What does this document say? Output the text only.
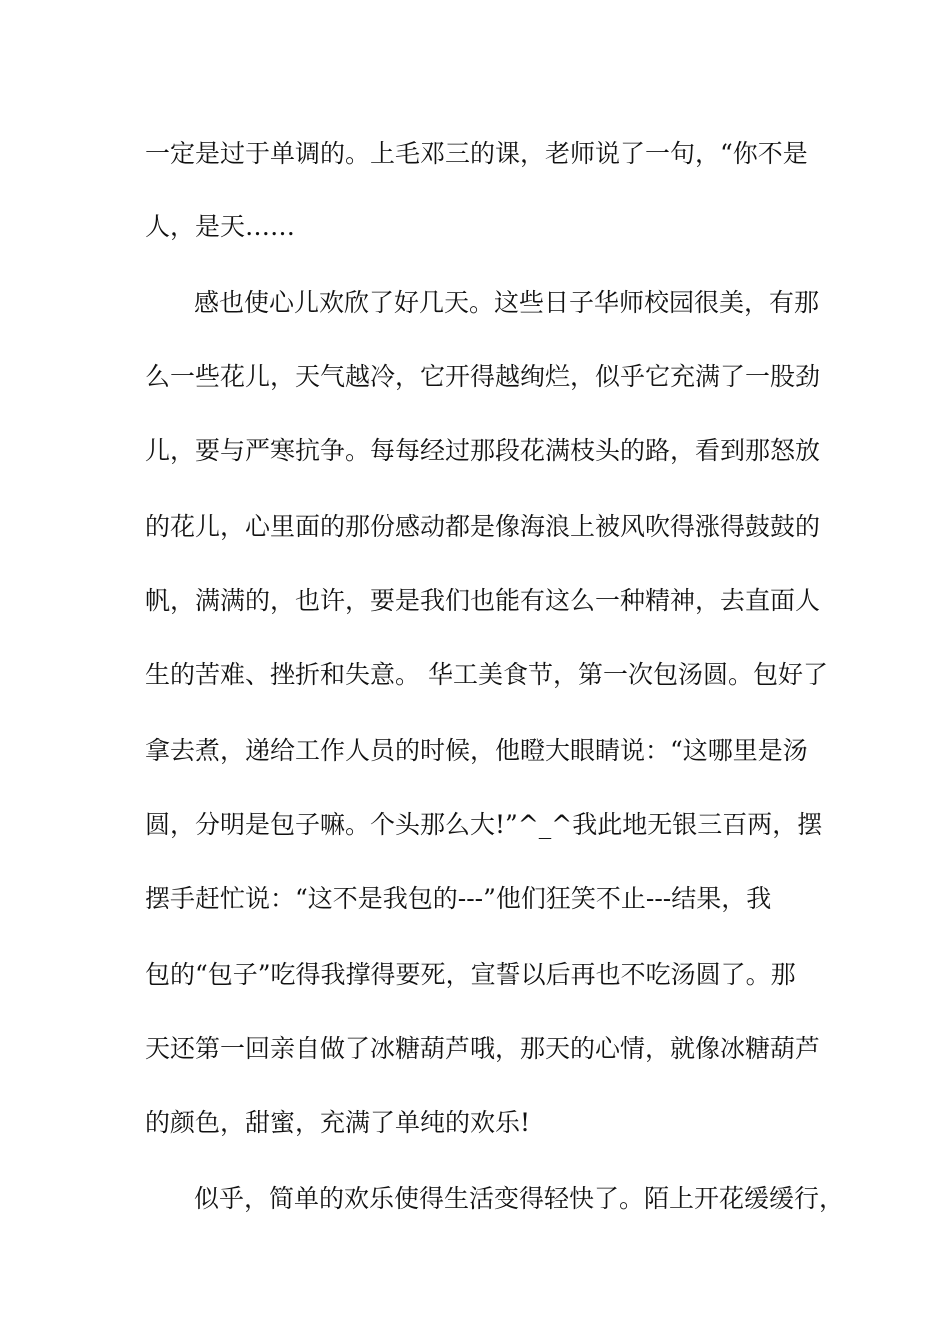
一定是过于单调的。上毛邓三的课，老师说了一句，“你不是
人，是天……
感也使心儿欢欣了好几天。这些日子华师校园很美，有那
么一些花儿，天气越冷，它开得越绚烂，似乎它充满了一股劲
儿，要与严寒抗争。每每经过那段花满枝头的路，看到那怒放
的花儿，心里面的那份感动都是像海浪上被风吹得涨得鼓鼓的
帆，满满的，也许，要是我们也能有这么一种精神，去直面人
生的苦难、挫折和失意。 华工美食节，第一次包汤圆。包好了
拿去煮，递给工作人员的时候，他瞪大眼睛说：“这哪里是汤
圆，分明是包子嘛。个头那么大!”^_^我此地无银三百两，摆
摆手赶忙说：“这不是我包的---”他们狂笑不止---结果，我
包的“包子”吃得我撑得要死，宣誓以后再也不吃汤圆了。那
天还第一回亲自做了冰糖葫芦哦，那天的心情，就像冰糖葫芦
的颜色，甜蜜，充满了单纯的欢乐!
似乎，简单的欢乐使得生活变得轻快了。陌上开花缓缓行，
